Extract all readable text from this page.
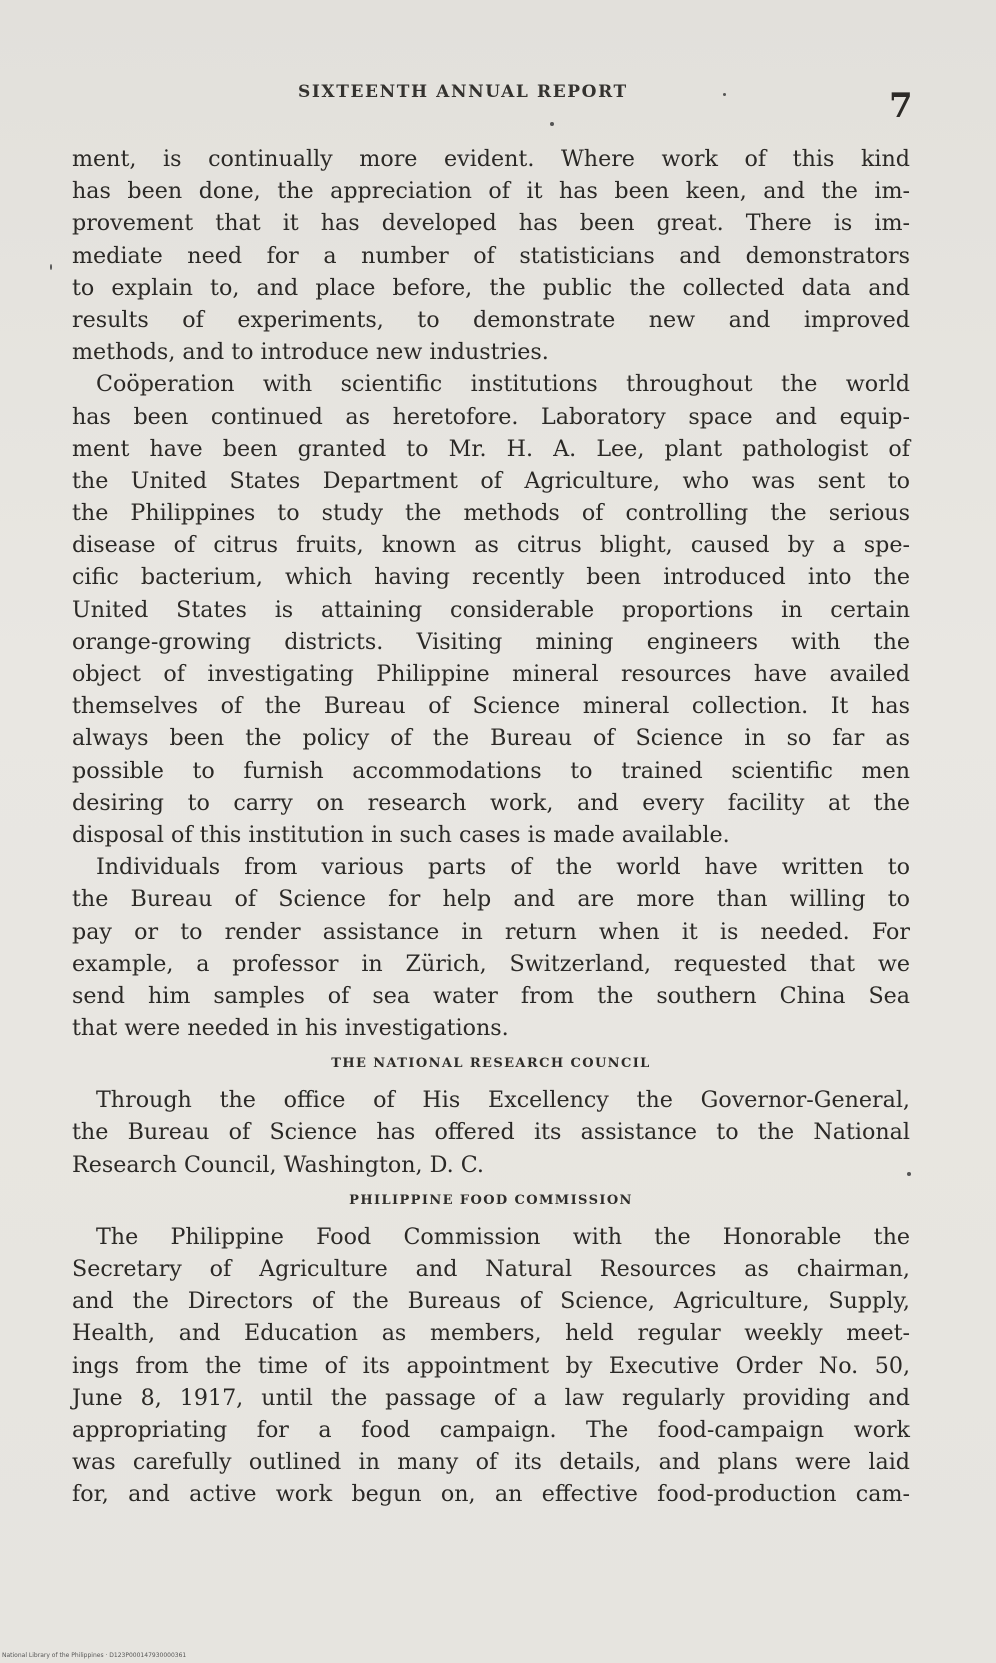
SIXTEENTH ANNUAL REPORT	7
ment, is continually more evident. Where work of this kind
has been done, the appreciation of it has been keen, and the im-
provement that it has developed has been great. There is im-
mediate need for a number of statisticians and demonstrators
to explain to, and place before, the public the collected data and
results of experiments, to demonstrate new and improved
methods, and to introduce new industries.
Coöperation with scientific institutions throughout the world
has been continued as heretofore. Laboratory space and equip-
ment have been granted to Mr. H. A. Lee, plant pathologist of
the United States Department of Agriculture, who was sent to
the Philippines to study the methods of controlling the serious
disease of citrus fruits, known as citrus blight, caused by a spe-
cific bacterium, which having recently been introduced into the
United States is attaining considerable proportions in certain
orange-growing districts. Visiting mining engineers with the
object of investigating Philippine mineral resources have availed
themselves of the Bureau of Science mineral collection. It has
always been the policy of the Bureau of Science in so far as
possible to furnish accommodations to trained scientific men
desiring to carry on research work, and every facility at the
disposal of this institution in such cases is made available.
Individuals from various parts of the world have written to
the Bureau of Science for help and are more than willing to
pay or to render assistance in return when it is needed. For
example, a professor in Zürich, Switzerland, requested that we
send him samples of sea water from the southern China Sea
that were needed in his investigations.
THE NATIONAL RESEARCH COUNCIL
Through the office of His Excellency the Governor-General,
the Bureau of Science has offered its assistance to the National
Research Council, Washington, D. C.
PHILIPPINE FOOD COMMISSION
The Philippine Food Commission with the Honorable the
Secretary of Agriculture and Natural Resources as chairman,
and the Directors of the Bureaus of Science, Agriculture, Supply,
Health, and Education as members, held regular weekly meet-
ings from the time of its appointment by Executive Order No. 50,
June 8, 1917, until the passage of a law regularly providing and
appropriating for a food campaign. The food-campaign work
was carefully outlined in many of its details, and plans were laid
for, and active work begun on, an effective food-production cam-
National Library of the Philippines · D123P000147930000361
